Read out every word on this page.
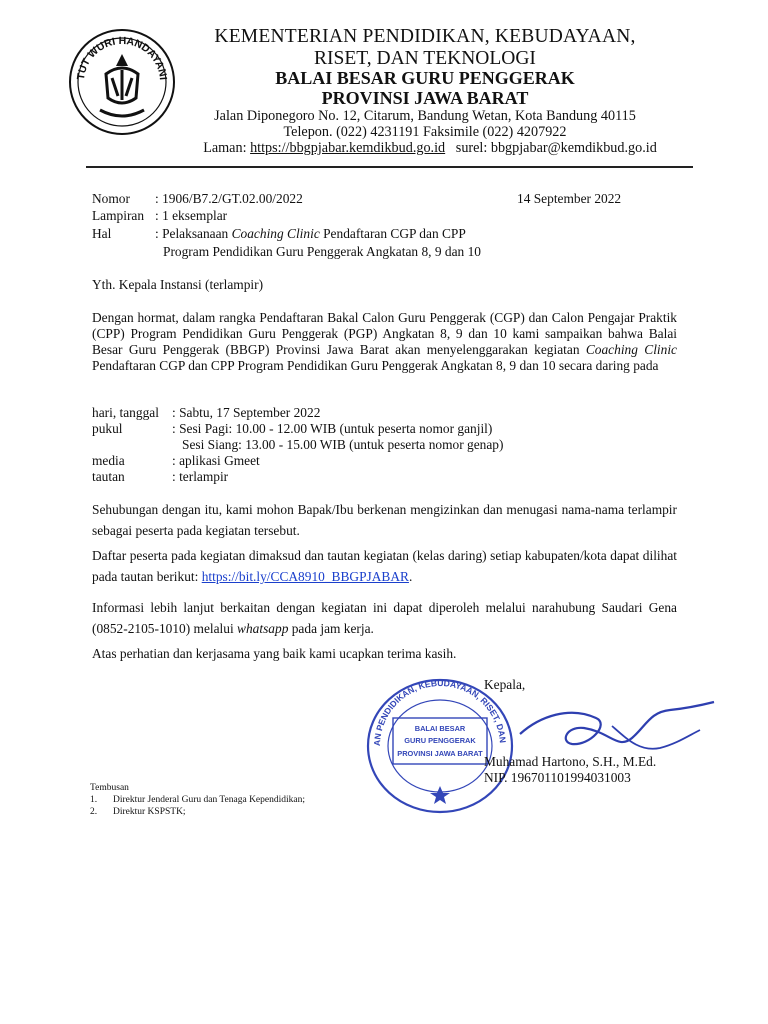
TUT WURI HANDAYANI
KEMENTERIAN PENDIDIKAN, KEBUDAYAAN,
RISET, DAN TEKNOLOGI
BALAI BESAR GURU PENGGERAK
PROVINSI JAWA BARAT
Jalan Diponegoro No. 12, Citarum, Bandung Wetan, Kota Bandung 40115
Telepon. (022) 4231191 Faksimile (022) 4207922
Laman: https://bbgpjabar.kemdikbud.go.id surel: bbgpjabar@kemdikbud.go.id
Nomor : 1906/B7.2/GT.02.00/2022	14 September 2022
Lampiran : 1 eksemplar
Hal	: Pelaksanaan Coaching Clinic Pendaftaran CGP dan CPP
Program Pendidikan Guru Penggerak Angkatan 8, 9 dan 10
Yth. Kepala Instansi (terlampir)
Dengan hormat, dalam rangka Pendaftaran Bakal Calon Guru Penggerak (CGP) dan Calon Pengajar Praktik (CPP) Program Pendidikan Guru Penggerak (PGP) Angkatan 8, 9 dan 10 kami sampaikan bahwa Balai Besar Guru Penggerak (BBGP) Provinsi Jawa Barat akan menyelenggarakan kegiatan Coaching Clinic Pendaftaran CGP dan CPP Program Pendidikan Guru Penggerak Angkatan 8, 9 dan 10 secara daring pada
hari, tanggal : Sabtu, 17 September 2022
pukul	: Sesi Pagi: 10.00 - 12.00 WIB (untuk peserta nomor ganjil)
Sesi Siang: 13.00 - 15.00 WIB (untuk peserta nomor genap)
media	: aplikasi Gmeet
tautan	: terlampir
Sehubungan dengan itu, kami mohon Bapak/Ibu berkenan mengizinkan dan menugasi nama-nama terlampir sebagai peserta pada kegiatan tersebut.
Daftar peserta pada kegiatan dimaksud dan tautan kegiatan (kelas daring) setiap kabupaten/kota dapat dilihat pada tautan berikut: https://bit.ly/CCA8910_BBGPJABAR.
Informasi lebih lanjut berkaitan dengan kegiatan ini dapat diperoleh melalui narahubung Saudari Gena (0852-2105-1010) melalui whatsapp pada jam kerja.
Atas perhatian dan kerjasama yang baik kami ucapkan terima kasih.
Kepala,
AN PENDIDIKAN, KEBUDAYAAN, RISET, DAN
BALAI BESAR
GURU PENGGERAK
PROVINSI JAWA BARAT
Muhamad Hartono, S.H., M.Ed.
NIP. 196701101994031003
Tembusan
1. Direktur Jenderal Guru dan Tenaga Kependidikan;
2. Direktur KSPSTK;
